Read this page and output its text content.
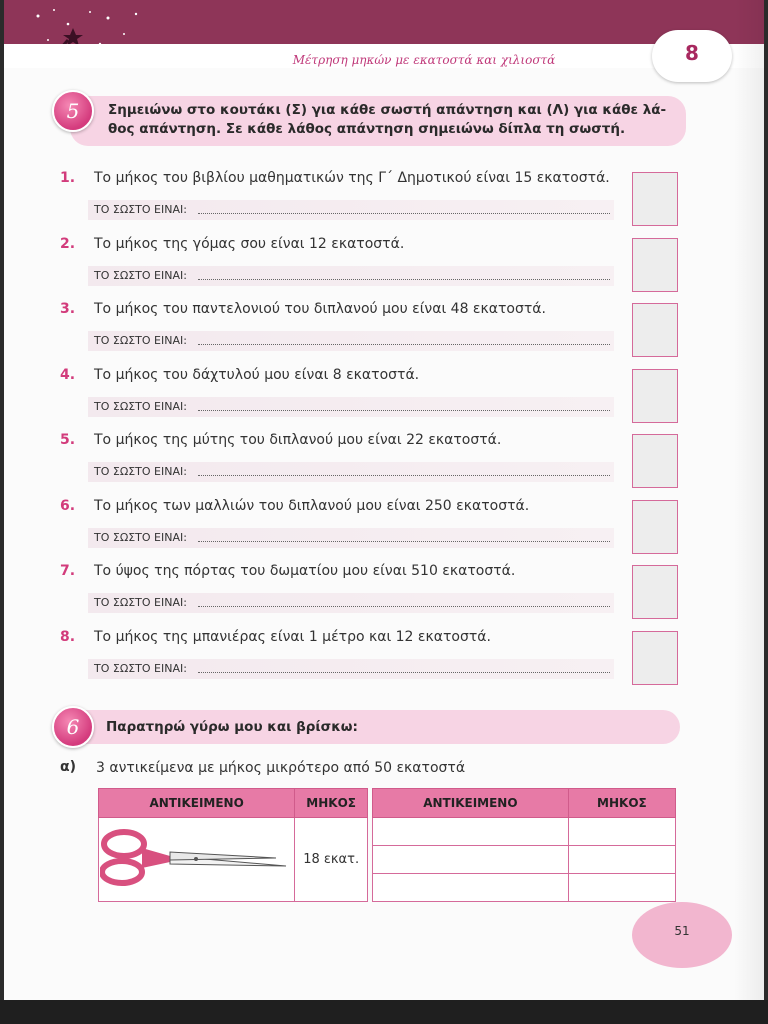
Μέτρηση μηκών με εκατοστά και χιλιοστά	8
5	Σημειώνω στο κουτάκι (Σ) για κάθε σωστή απάντηση και (Λ) για κάθε λά-
θος απάντηση. Σε κάθε λάθος απάντηση σημειώνω δίπλα τη σωστή.
1.	Το μήκος του βιβλίου μαθηματικών της Γ΄ Δημοτικού είναι 15 εκατοστά.
ΤΟ ΣΩΣΤΟ ΕΙΝΑΙ:
2.	Το μήκος της γόμας σου είναι 12 εκατοστά.
ΤΟ ΣΩΣΤΟ ΕΙΝΑΙ:
3.	Το μήκος του παντελονιού του διπλανού μου είναι 48 εκατοστά.
ΤΟ ΣΩΣΤΟ ΕΙΝΑΙ:
4.	Το μήκος του δάχτυλού μου είναι 8 εκατοστά.
ΤΟ ΣΩΣΤΟ ΕΙΝΑΙ:
5.	Το μήκος της μύτης του διπλανού μου είναι 22 εκατοστά.
ΤΟ ΣΩΣΤΟ ΕΙΝΑΙ:
6.	Το μήκος των μαλλιών του διπλανού μου είναι 250 εκατοστά.
ΤΟ ΣΩΣΤΟ ΕΙΝΑΙ:
7.	Το ύψος της πόρτας του δωματίου μου είναι 510 εκατοστά.
ΤΟ ΣΩΣΤΟ ΕΙΝΑΙ:
8.	Το μήκος της μπανιέρας είναι 1 μέτρο και 12 εκατοστά.
ΤΟ ΣΩΣΤΟ ΕΙΝΑΙ:
6	Παρατηρώ γύρω μου και βρίσκω:
α) 3 αντικείμενα με μήκος μικρότερο από 50 εκατοστά
ΑΝΤΙΚΕΙΜΕΝΟ	ΜΗΚΟΣ
	18 εκατ.
ΑΝΤΙΚΕΙΜΕΝΟ	ΜΗΚΟΣ

51
